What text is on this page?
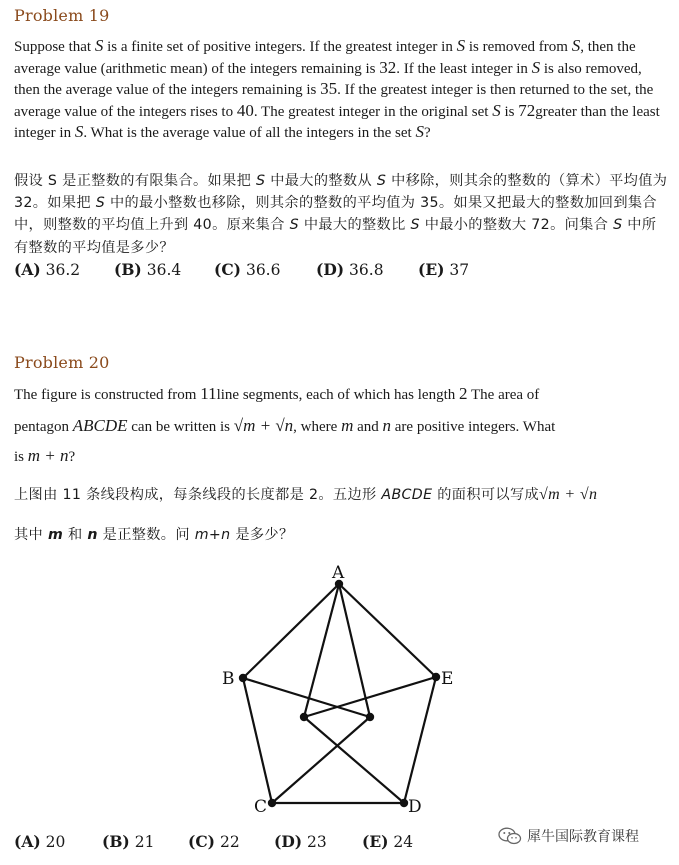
Problem 19

Suppose that S is a finite set of positive integers. If the greatest integer in S is removed from S, then the average value (arithmetic mean) of the integers remaining is 32. If the least integer in S is also removed, then the average value of the integers remaining is 35. If the greatest integer is then returned to the set, the average value of the integers rises to 40. The greatest integer in the original set S is 72greater than the least integer in S. What is the average value of all the integers in the set S?

假设 S 是正整数的有限集合。如果把 S 中最大的整数从 S 中移除，则其余的整数的（算术）平均值为 32。如果把 S 中的最小整数也移除，则其余的整数的平均值为 35。如果又把最大的整数加回到集合中，则整数的平均值上升到 40。原来集合 S 中最大的整数比 S 中最小的整数大 72。问集合 S 中所有整数的平均值是多少？

(A) 36.2	(B) 36.4	(C) 36.6	(D) 36.8	(E) 37
Problem 20
The figure is constructed from 11line segments, each of which has length 2 The area of
pentagon ABCDE can be written is √m + √n, where m and n are positive integers. What
is m + n?
上图由 11 条线段构成，每条线段的长度都是 2。五边形 ABCDE 的面积可以写成√m + √n
其中 m 和 n 是正整数。问 m+n 是多少？
A
B	E
C	D
(A) 20	(B) 21	(C) 22	(D) 23	(E) 24	犀牛国际教育课程
